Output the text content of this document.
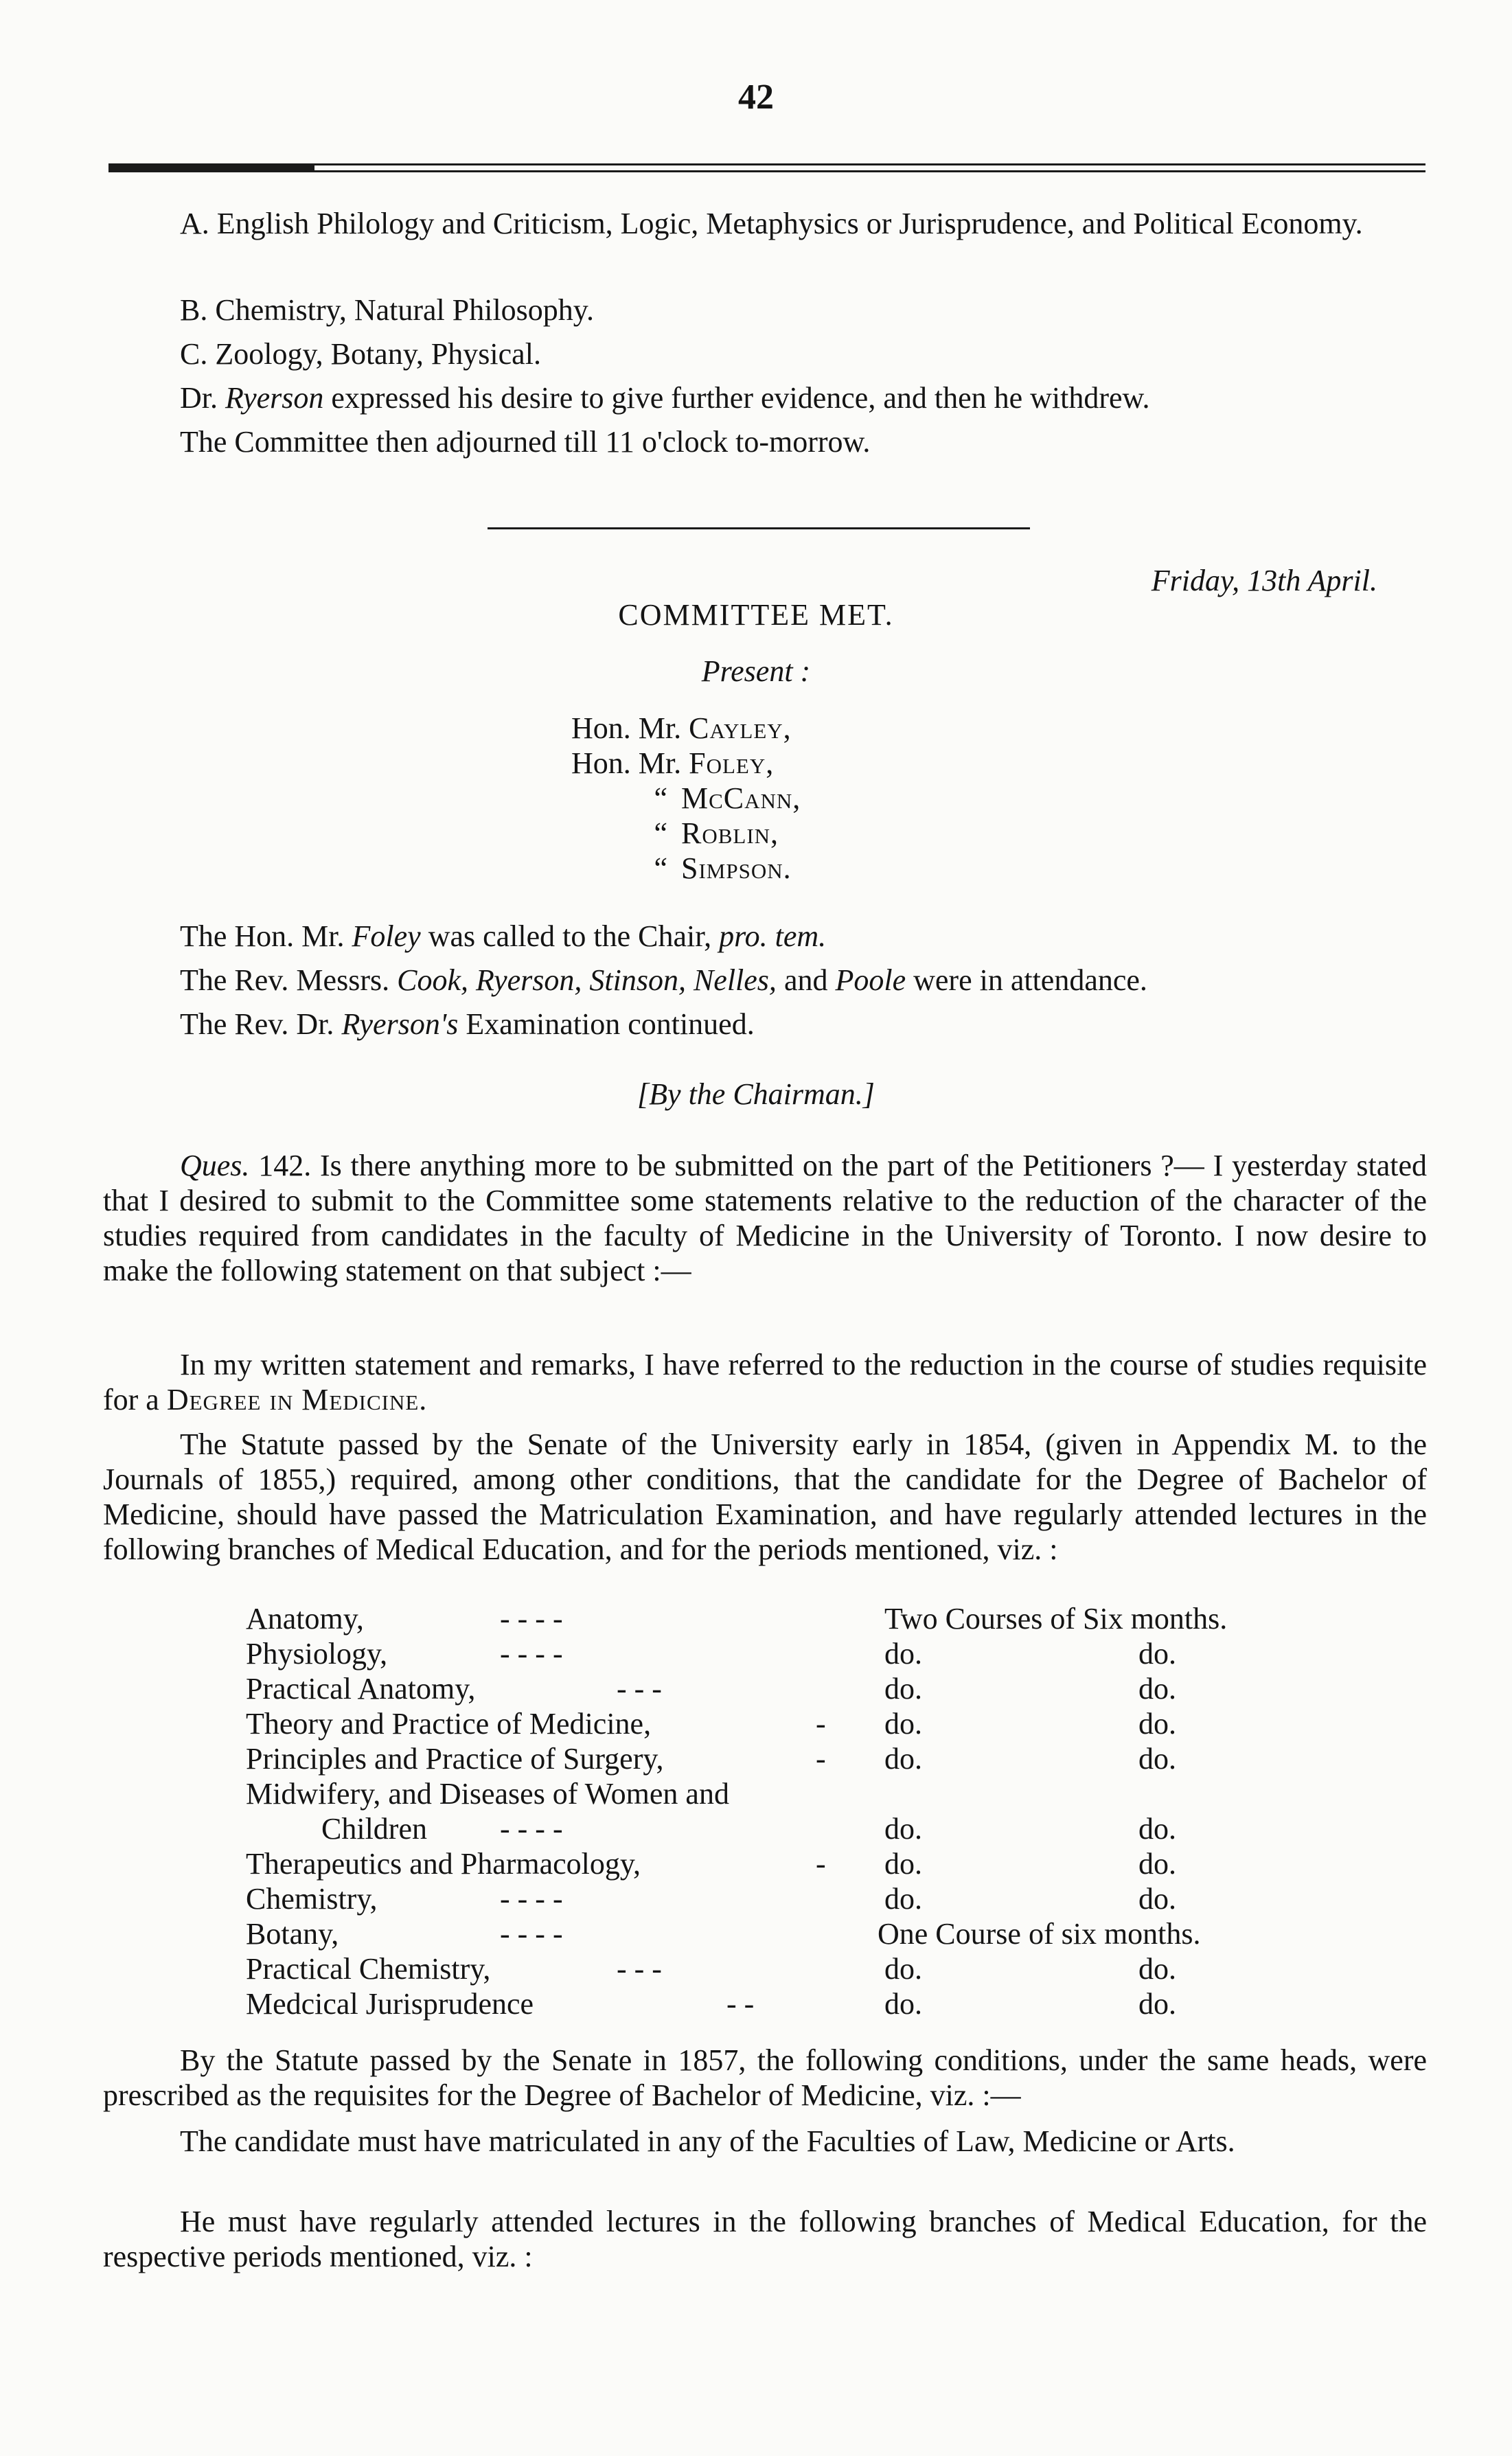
42

A. English Philology and Criticism, Logic, Metaphysics or Jurisprudence, and Political Economy.

B. Chemistry, Natural Philosophy.

C. Zoology, Botany, Physical.

Dr. Ryerson expressed his desire to give further evidence, and then he withdrew.

The Committee then adjourned till 11 o'clock to-morrow.

Friday, 13th April.

COMMITTEE MET.

Present :

Hon. Mr. Cayley,
Hon. Mr. Foley,
“ McCann,
“ Roblin,
“ Simpson.

The Hon. Mr. Foley was called to the Chair, pro. tem.

The Rev. Messrs. Cook, Ryerson, Stinson, Nelles, and Poole were in attendance.

The Rev. Dr. Ryerson's Examination continued.

[By the Chairman.]

Ques. 142. Is there anything more to be submitted on the part of the Petitioners ?— I yesterday stated that I desired to submit to the Committee some statements relative to the reduction of the character of the studies required from candidates in the faculty of Medicine in the University of Toronto. I now desire to make the following statement on that subject :—

In my written statement and remarks, I have referred to the reduction in the course of studies requisite for a Degree in Medicine.

The Statute passed by the Senate of the University early in 1854, (given in Appendix M. to the Journals of 1855,) required, among other conditions, that the candidate for the Degree of Bachelor of Medicine, should have passed the Matriculation Examination, and have regularly attended lectures in the following branches of Medical Education, and for the periods mentioned, viz. :

Anatomy,	- - - -	Two Courses of Six months.
Physiology,	- - - -	do.	do.
Practical Anatomy,	- - -	do.	do.
Theory and Practice of Medicine,	- do.	do.
Principles and Practice of Surgery,	- do.	do.
Midwifery, and Diseases of Women and
Children - - - -	do.	do.
Therapeutics and Pharmacology,	- do.	do.
Chemistry,	- - - -	do.	do.
Botany,	- - - -	One Course of six months.
Practical Chemistry,	- - -	do.	do.
Medcical Jurisprudence	- -	do.	do.

By the Statute passed by the Senate in 1857, the following conditions, under the same heads, were prescribed as the requisites for the Degree of Bachelor of Medicine, viz. :—

The candidate must have matriculated in any of the Faculties of Law, Medicine or Arts.

He must have regularly attended lectures in the following branches of Medical Education, for the respective periods mentioned, viz. :
